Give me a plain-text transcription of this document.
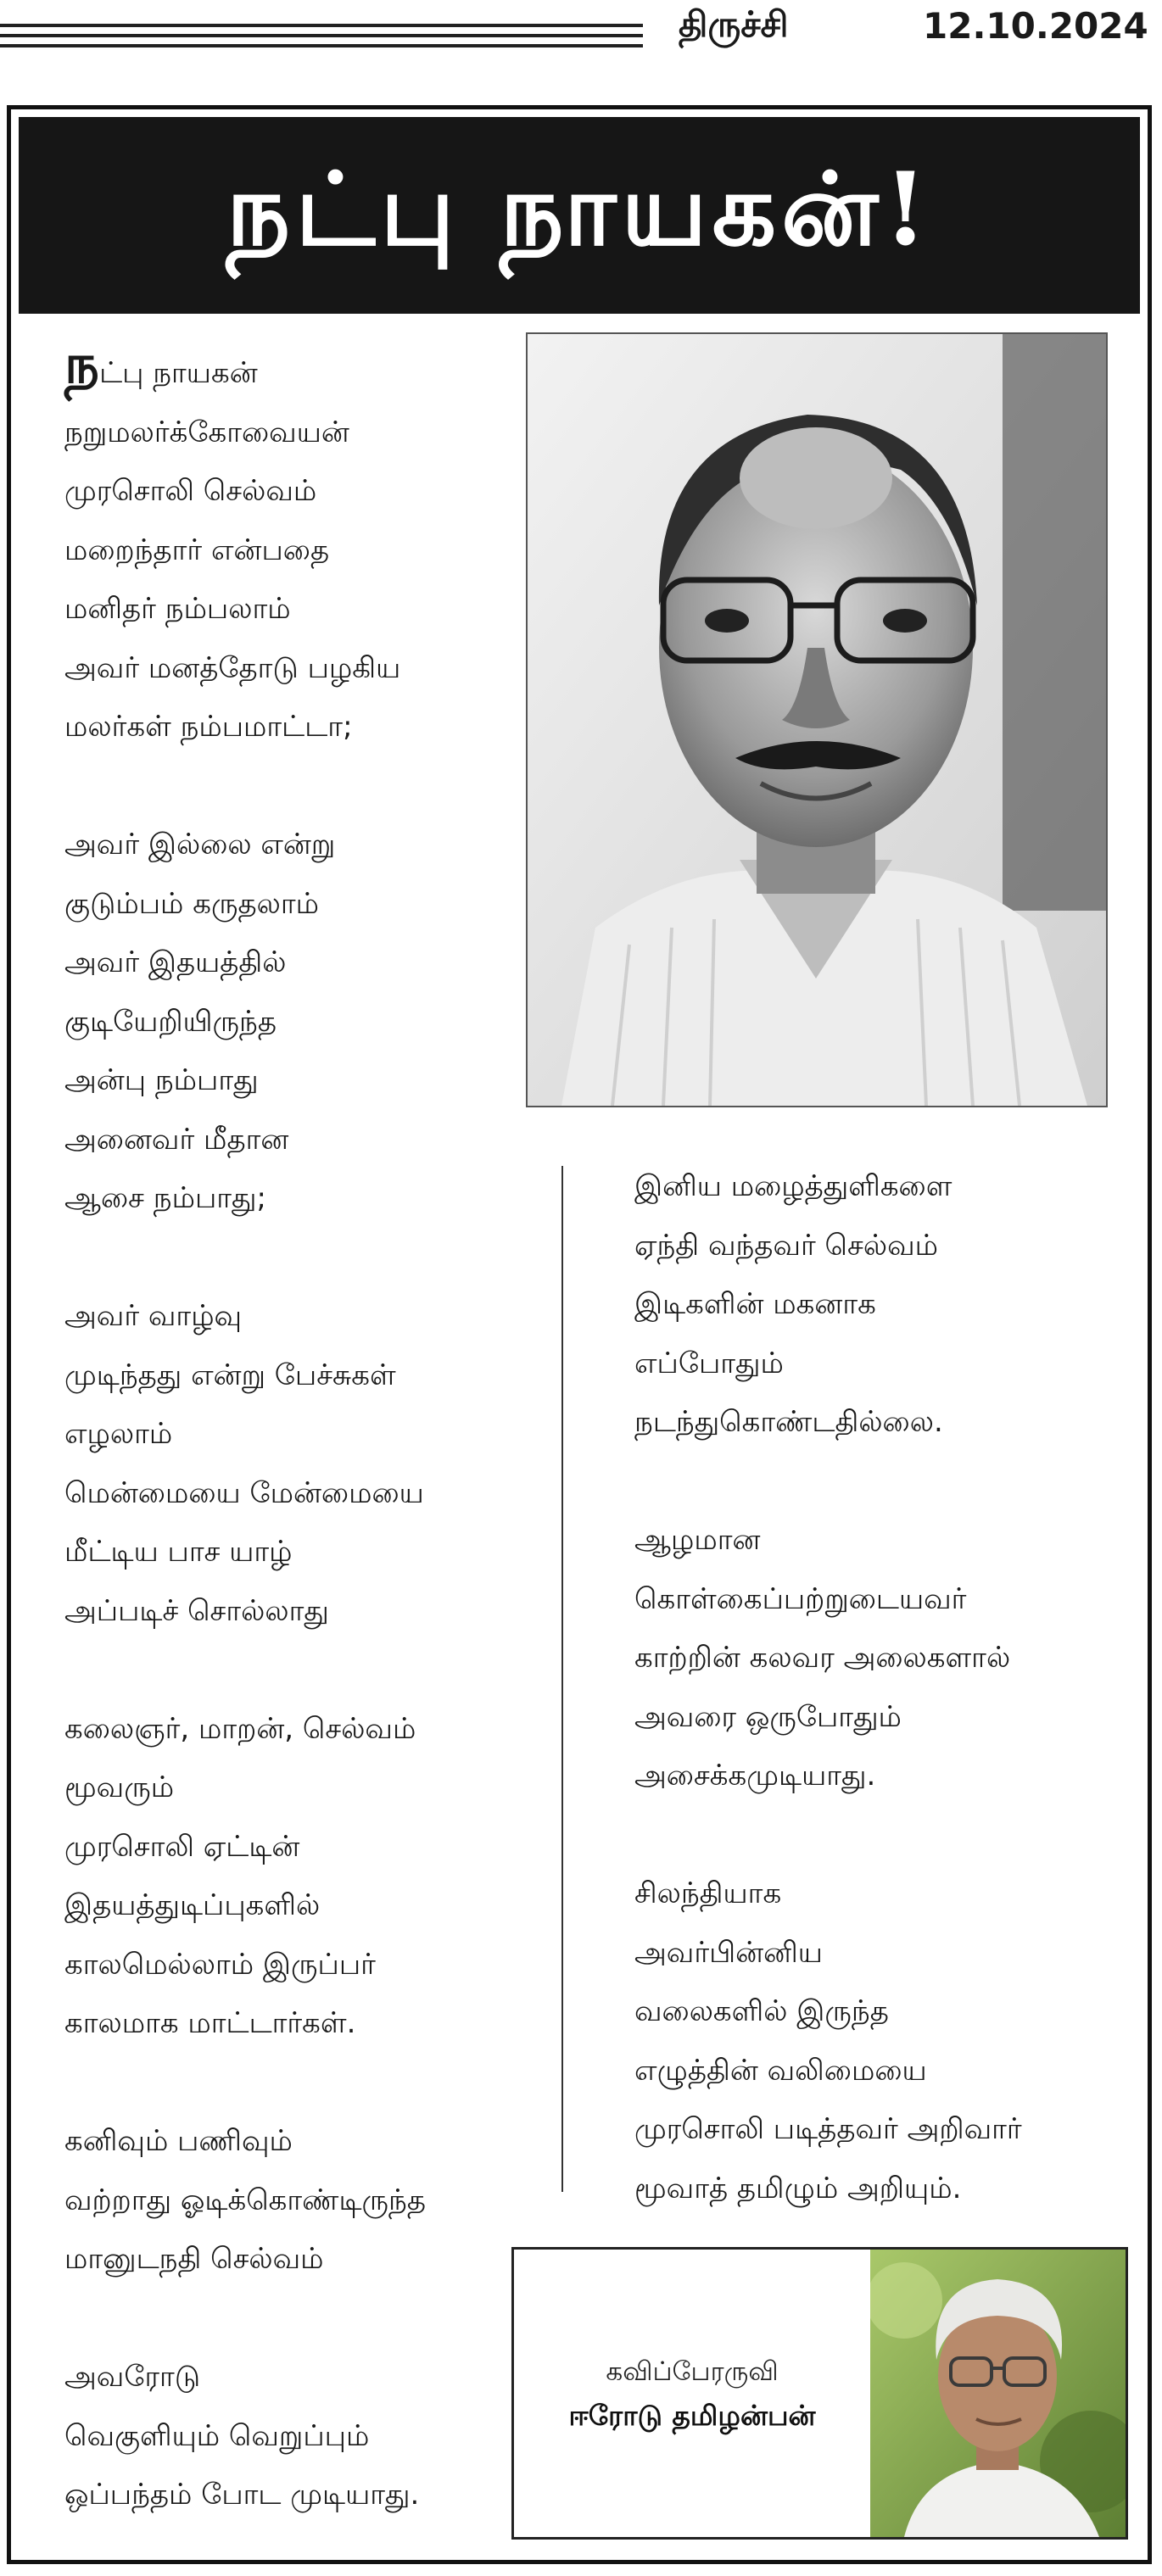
திருச்சி	12.10.2024
நட்பு நாயகன்!
நட்பு நாயகன்
நறுமலர்க்கோவையன்
முரசொலி செல்வம்
மறைந்தார் என்பதை
மனிதர் நம்பலாம்
அவர் மனத்தோடு பழகிய
மலர்கள் நம்பமாட்டா;
அவர் இல்லை என்று
குடும்பம் கருதலாம்
அவர் இதயத்தில்
குடியேறியிருந்த
அன்பு நம்பாது
அனைவர் மீதான
ஆசை நம்பாது;
அவர் வாழ்வு
முடிந்தது என்று பேச்சுகள்
எழலாம்
மென்மையை மேன்மையை
மீட்டிய பாச யாழ்
அப்படிச் சொல்லாது
கலைஞர், மாறன், செல்வம்
மூவரும்
முரசொலி ஏட்டின்
இதயத்துடிப்புகளில்
காலமெல்லாம் இருப்பர்
காலமாக மாட்டார்கள்.
கனிவும் பணிவும்
வற்றாது ஓடிக்கொண்டிருந்த
மானுடநதி செல்வம்
அவரோடு
வெகுளியும் வெறுப்பும்
ஒப்பந்தம் போட முடியாது.
இனிய மழைத்துளிகளை
ஏந்தி வந்தவர் செல்வம்
இடிகளின் மகனாக
எப்போதும்
நடந்துகொண்டதில்லை.
ஆழமான
கொள்கைப்பற்றுடையவர்
காற்றின் கலவர அலைகளால்
அவரை ஒருபோதும்
அசைக்கமுடியாது.
சிலந்தியாக
அவர்பின்னிய
வலைகளில் இருந்த
எழுத்தின் வலிமையை
முரசொலி படித்தவர் அறிவார்
மூவாத் தமிழும் அறியும்.
கவிப்பேரருவி
ஈரோடு தமிழன்பன்
